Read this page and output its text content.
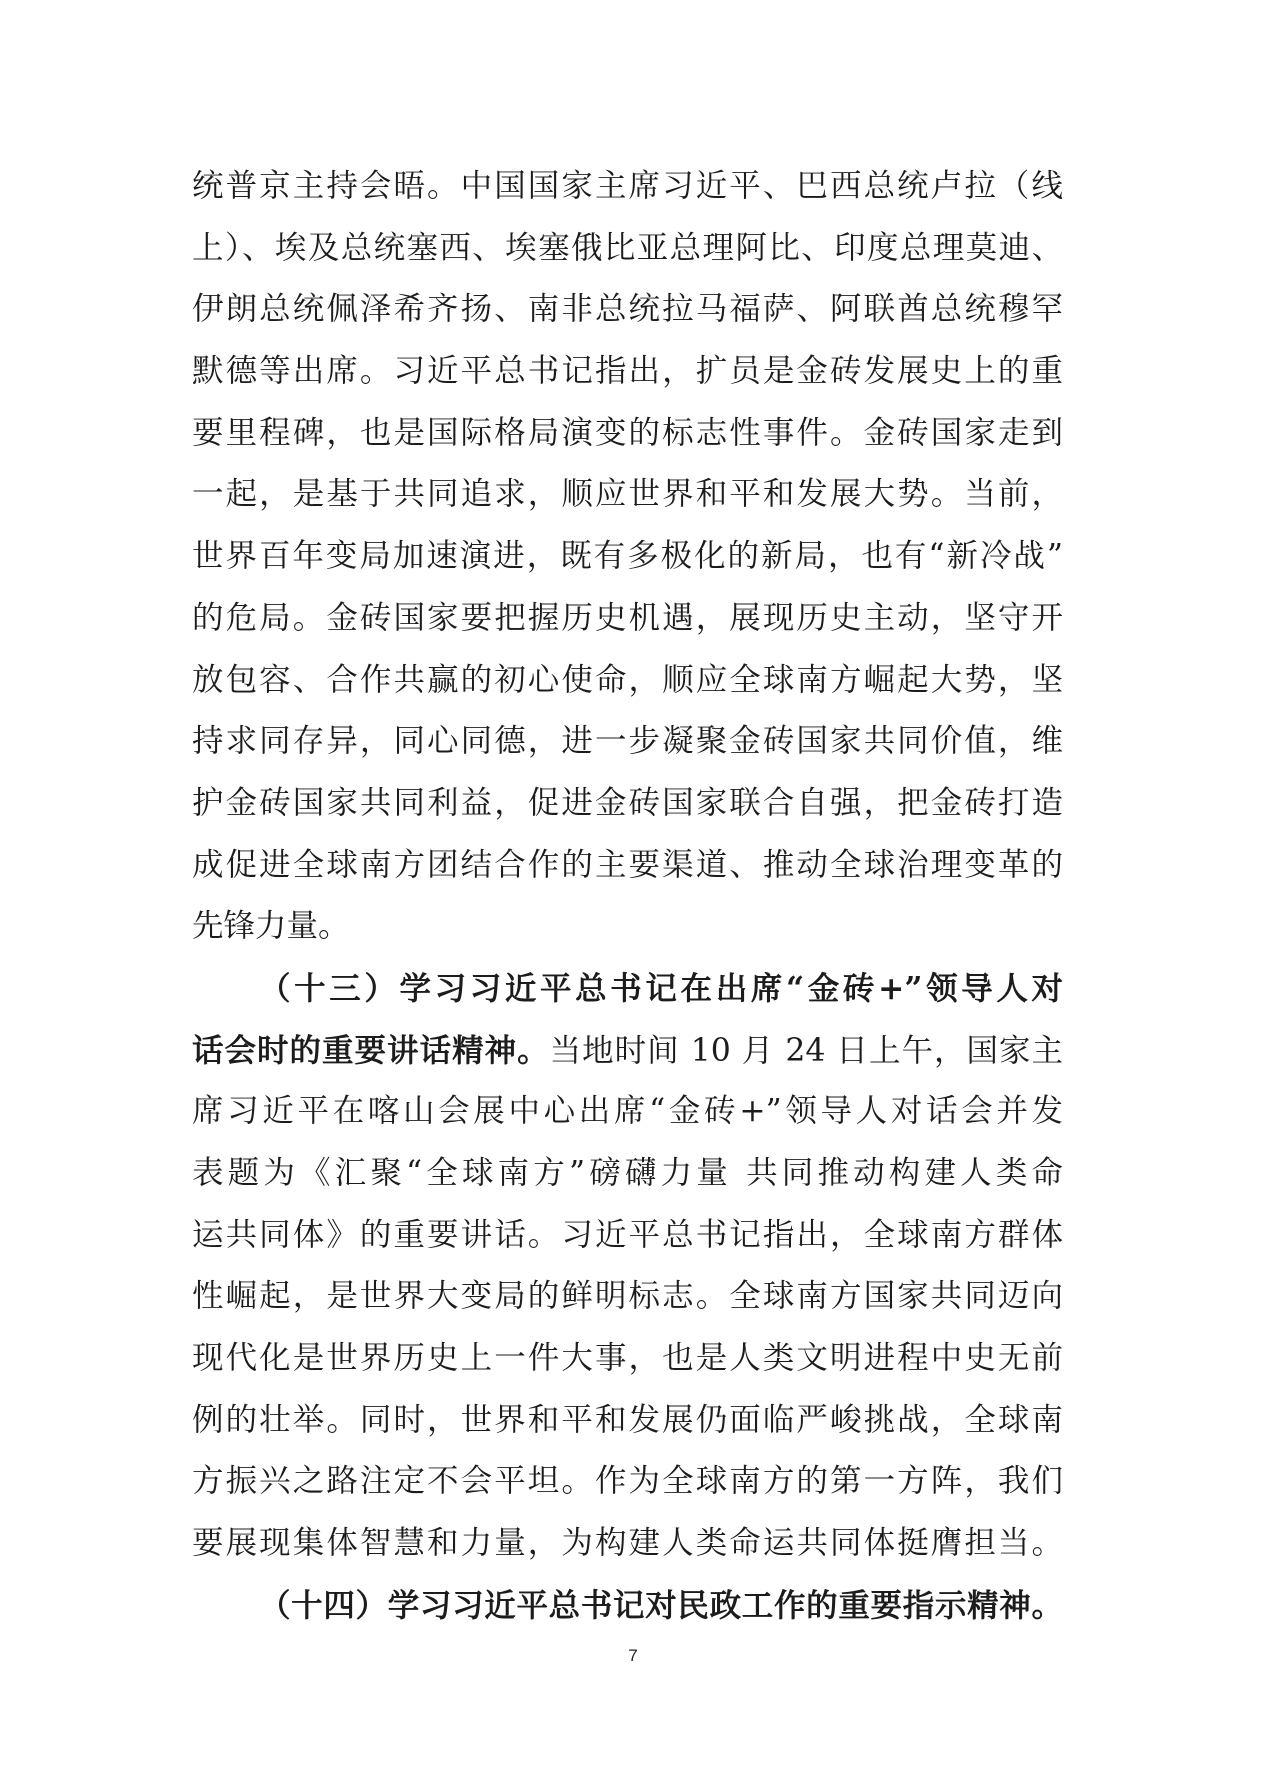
统普京主持会晤。中国国家主席习近平、巴西总统卢拉（线
上）、埃及总统塞西、埃塞俄比亚总理阿比、印度总理莫迪、
伊朗总统佩泽希齐扬、南非总统拉马福萨、阿联酋总统穆罕
默德等出席。习近平总书记指出，扩员是金砖发展史上的重
要里程碑，也是国际格局演变的标志性事件。金砖国家走到
一起，是基于共同追求，顺应世界和平和发展大势。当前，
世界百年变局加速演进，既有多极化的新局，也有“新冷战”
的危局。金砖国家要把握历史机遇，展现历史主动，坚守开
放包容、合作共赢的初心使命，顺应全球南方崛起大势，坚
持求同存异，同心同德，进一步凝聚金砖国家共同价值，维
护金砖国家共同利益，促进金砖国家联合自强，把金砖打造
成促进全球南方团结合作的主要渠道、推动全球治理变革的
先锋力量。
（十三）学习习近平总书记在出席“金砖+”领导人对
话会时的重要讲话精神。当地时间 10 月 24 日上午，国家主
席习近平在喀山会展中心出席“金砖+”领导人对话会并发
表题为《汇聚“全球南方”磅礴力量 共同推动构建人类命
运共同体》的重要讲话。习近平总书记指出，全球南方群体
性崛起，是世界大变局的鲜明标志。全球南方国家共同迈向
现代化是世界历史上一件大事，也是人类文明进程中史无前
例的壮举。同时，世界和平和发展仍面临严峻挑战，全球南
方振兴之路注定不会平坦。作为全球南方的第一方阵，我们
要展现集体智慧和力量，为构建人类命运共同体挺膺担当。
（十四）学习习近平总书记对民政工作的重要指示精神。
7
